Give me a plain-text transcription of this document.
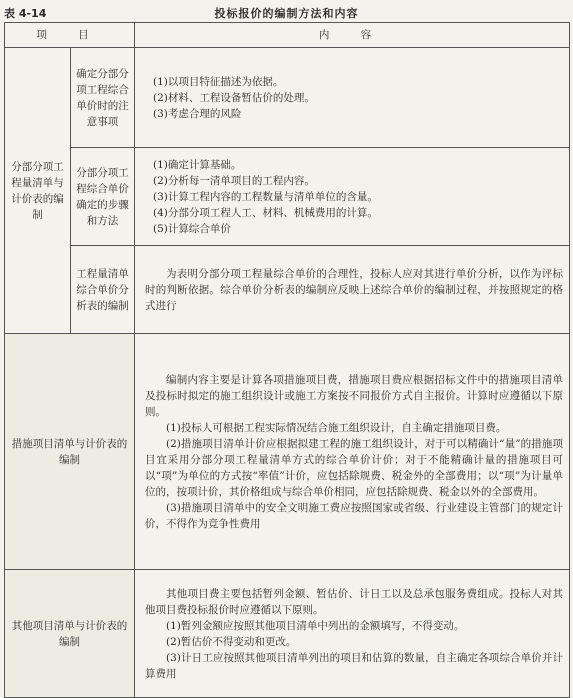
表 4-14	投标报价的编制方法和内容
项 目		内 容
分部分项工程量清单与计价表的编制	确定分部分项工程综合单价时的注意事项	(1)以项目特征描述为依据。

(2)材料、工程设备暂估价的处理。

(3)考虑合理的风险

	分部分项工程综合单价确定的步骤和方法	(1)确定计算基础。

(2)分析每一清单项目的工程内容。

(3)计算工程内容的工程数量与清单单位的含量。

(4)分部分项工程人工、材料、机械费用的计算。

(5)计算综合单价

	工程量清单综合单价分析表的编制	为表明分部分项工程量综合单价的合理性，投标人应对其进行单价分析，以作为评标时的判断依据。综合单价分析表的编制应反映上述综合单价的编制过程，并按照规定的格式进行

措施项目清单与计价表的编制		编制内容主要是计算各项措施项目费，措施项目费应根据招标文件中的措施项目清单及投标时拟定的施工组织设计或施工方案按不同报价方式自主报价。计算时应遵循以下原则。

(1)投标人可根据工程实际情况结合施工组织设计，自主确定措施项目费。

(2)措施项目清单计价应根据拟建工程的施工组织设计，对于可以精确计“量”的措施项目宜采用分部分项工程量清单方式的综合单价计价；对于不能精确计量的措施项目可以“项”为单位的方式按“率值”计价，应包括除规费、税金外的全部费用；以“项”为计量单位的，按项计价，其价格组成与综合单价相同，应包括除规费、税金以外的全部费用。

(3)措施项目清单中的安全文明施工费应按照国家或省级、行业建设主管部门的规定计价，不得作为竞争性费用

其他项目清单与计价表的编制		其他项目费主要包括暂列金额、暂估价、计日工以及总承包服务费组成。投标人对其他项目费投标报价时应遵循以下原则。

(1)暂列金额应按照其他项目清单中列出的金额填写，不得变动。

(2)暂估价不得变动和更改。

(3)计日工应按照其他项目清单列出的项目和估算的数量，自主确定各项综合单价并计算费用
